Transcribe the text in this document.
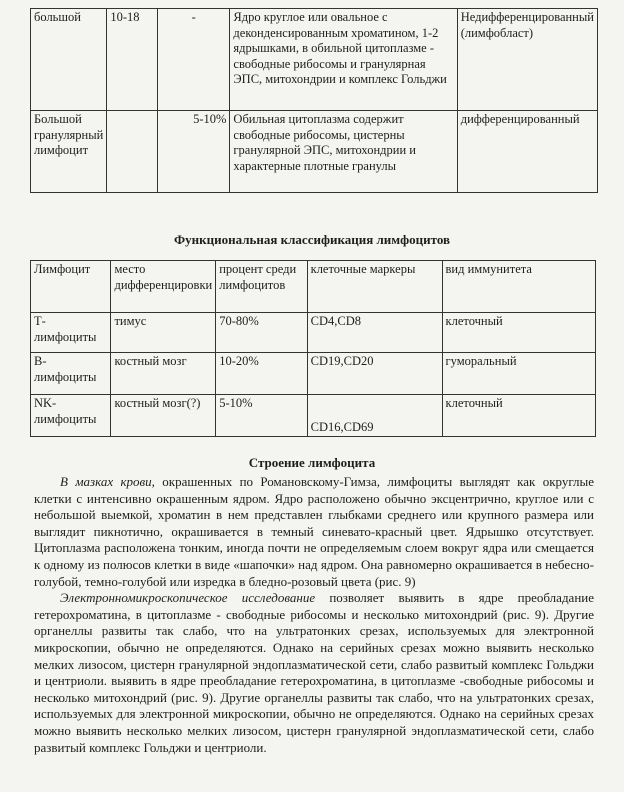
большой	10-18	-	Ядро круглое или овальное с деконденсированным хроматином, 1-2 ядрышками, в обильной цитоплазме - свободные рибосомы и гранулярная ЭПС, митохондрии и комплекс Гольджи	Недифференцированный (лимфобласт)
Большой гранулярный лимфоцит		5-10%	Обильная цитоплазма содержит свободные рибосомы, цистерны гранулярной ЭПС, митохондрии и характерные плотные гранулы	дифференцированный
Функциональная классификация лимфоцитов
Лимфоцит	место дифференцировки	процент среди лимфоцитов	клеточные маркеры	вид иммунитета
Т-лимфоциты	тимус	70-80%	CD4,CD8	клеточный
В-лимфоциты	костный мозг	10-20%	CD19,CD20	гуморальный
NK-лимфоциты	костный мозг(?)	5-10%	CD16,CD69	клеточный
Строение лимфоцита

В мазках крови, окрашенных по Романовскому-Гимза, лимфоциты выглядят как округлые клетки с интенсивно окрашенным ядром. Ядро расположено обычно эксцентрично, круглое или с небольшой выемкой, хроматин в нем представлен глыбками среднего или крупного размера или выглядит пикнотично, окрашивается в темный синевато-красный цвет. Ядрышко отсутствует. Цитоплазма расположена тонким, иногда почти не определяемым слоем вокруг ядра или смещается к одному из полюсов клетки в виде «шапочки» над ядром. Она равномерно окрашивается в небесно-голубой, темно-голубой или изредка в бледно-розовый цвета (рис. 9)

Электронномикроскопическое исследование позволяет выявить в ядре преобладание гетерохроматина, в цитоплазме - свободные рибосомы и несколько митохондрий (рис. 9). Другие органеллы развиты так слабо, что на ультратонких срезах, используемых для электронной микроскопии, обычно не определяются. Однако на серийных срезах можно выявить несколько мелких лизосом, цистерн гранулярной эндоплазматической сети, слабо развитый комплекс Гольджи и центриоли. выявить в ядре преобладание гетерохроматина, в цитоплазме -свободные рибосомы и несколько митохондрий (рис. 9). Другие органеллы развиты так слабо, что на ультратонких срезах, используемых для электронной микроскопии, обычно не определяются. Однако на серийных срезах можно выявить несколько мелких лизосом, цистерн гранулярной эндоплазматической сети, слабо развитый комплекс Гольджи и центриоли.
